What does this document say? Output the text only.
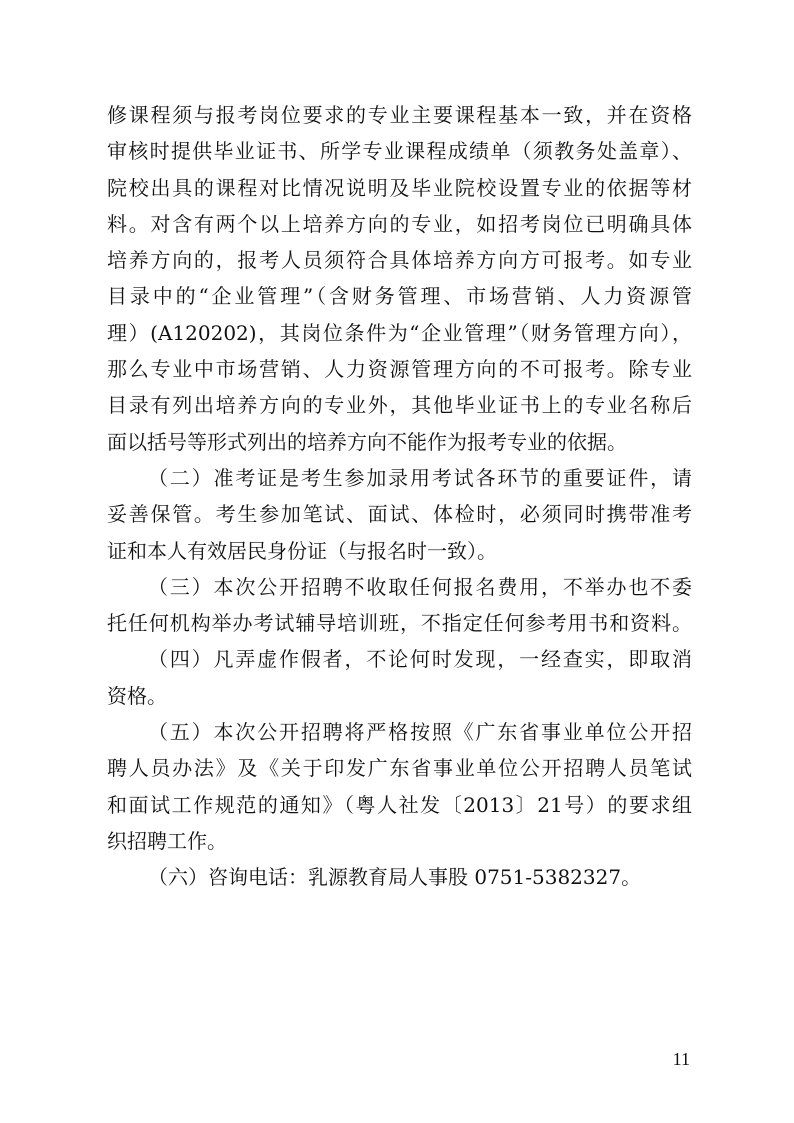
修课程须与报考岗位要求的专业主要课程基本一致，并在资格
审核时提供毕业证书、所学专业课程成绩单（须教务处盖章）、
院校出具的课程对比情况说明及毕业院校设置专业的依据等材
料。对含有两个以上培养方向的专业，如招考岗位已明确具体
培养方向的，报考人员须符合具体培养方向方可报考。如专业
目录中的“企业管理”（含财务管理、市场营销、人力资源管
理）(A120202)，其岗位条件为“企业管理”（财务管理方向），
那么专业中市场营销、人力资源管理方向的不可报考。除专业
目录有列出培养方向的专业外，其他毕业证书上的专业名称后
面以括号等形式列出的培养方向不能作为报考专业的依据。
（二）准考证是考生参加录用考试各环节的重要证件，请
妥善保管。考生参加笔试、面试、体检时，必须同时携带准考
证和本人有效居民身份证（与报名时一致）。
（三）本次公开招聘不收取任何报名费用，不举办也不委
托任何机构举办考试辅导培训班，不指定任何参考用书和资料。
（四）凡弄虚作假者，不论何时发现，一经查实，即取消
资格。
（五）本次公开招聘将严格按照《广东省事业单位公开招
聘人员办法》及《关于印发广东省事业单位公开招聘人员笔试
和面试工作规范的通知》（粤人社发〔2013〕21号）的要求组
织招聘工作。
（六）咨询电话：乳源教育局人事股 0751-5382327。
11
